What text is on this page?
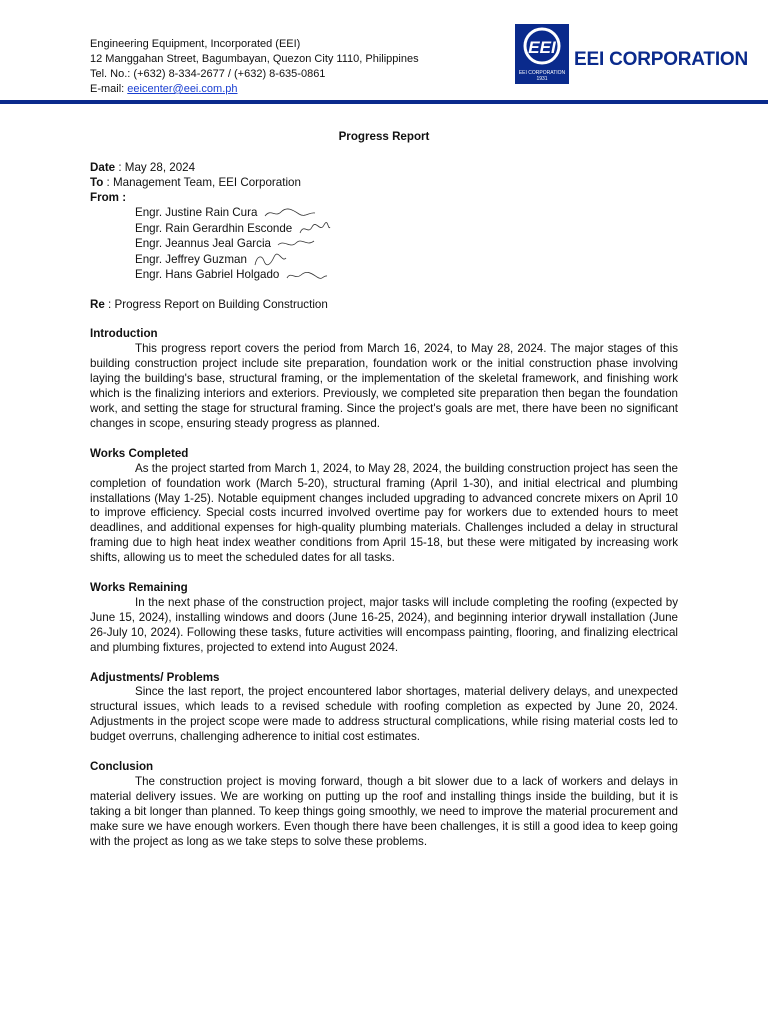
Engineering Equipment, Incorporated (EEI)
12 Manggahan Street, Bagumbayan, Quezon City 1110, Philippines
Tel. No.: (+632) 8-334-2677 / (+632) 8-635-0861
E-mail: eeicenter@eei.com.ph
EEI
EEI CORPORATION
1931
EEI CORPORATION
Progress Report
Date : May 28, 2024
To : Management Team, EEI Corporation
From :
Engr. Justine Rain Cura
Engr. Rain Gerardhin Esconde
Engr. Jeannus Jeal Garcia
Engr. Jeffrey Guzman
Engr. Hans Gabriel Holgado
Re : Progress Report on Building Construction
Introduction

This progress report covers the period from March 16, 2024, to May 28, 2024. The major stages of this building construction project include site preparation, foundation work or the initial construction phase involving laying the building's base, structural framing, or the implementation of the skeletal framework, and finishing work which is the finalizing interiors and exteriors. Previously, we completed site preparation then began the foundation work, and setting the stage for structural framing. Since the project's goals are met, there have been no significant changes in scope, ensuring steady progress as planned.

Works Completed

As the project started from March 1, 2024, to May 28, 2024, the building construction project has seen the completion of foundation work (March 5-20), structural framing (April 1-30), and initial electrical and plumbing installations (May 1-25). Notable equipment changes included upgrading to advanced concrete mixers on April 10 to improve efficiency. Special costs incurred involved overtime pay for workers due to extended hours to meet deadlines, and additional expenses for high-quality plumbing materials. Challenges included a delay in structural framing due to high heat index weather conditions from April 15-18, but these were mitigated by increasing work shifts, allowing us to meet the scheduled dates for all tasks.

Works Remaining

In the next phase of the construction project, major tasks will include completing the roofing (expected by June 15, 2024), installing windows and doors (June 16-25, 2024), and beginning interior drywall installation (June 26-July 10, 2024). Following these tasks, future activities will encompass painting, flooring, and finalizing electrical and plumbing fixtures, projected to extend into August 2024.

Adjustments/ Problems

Since the last report, the project encountered labor shortages, material delivery delays, and unexpected structural issues, which leads to a revised schedule with roofing completion as expected by June 20, 2024. Adjustments in the project scope were made to address structural complications, while rising material costs led to budget overruns, challenging adherence to initial cost estimates.

Conclusion

The construction project is moving forward, though a bit slower due to a lack of workers and delays in material delivery issues. We are working on putting up the roof and installing things inside the building, but it is taking a bit longer than planned. To keep things going smoothly, we need to improve the material procurement and make sure we have enough workers. Even though there have been challenges, it is still a good idea to keep going with the project as long as we take steps to solve these problems.
